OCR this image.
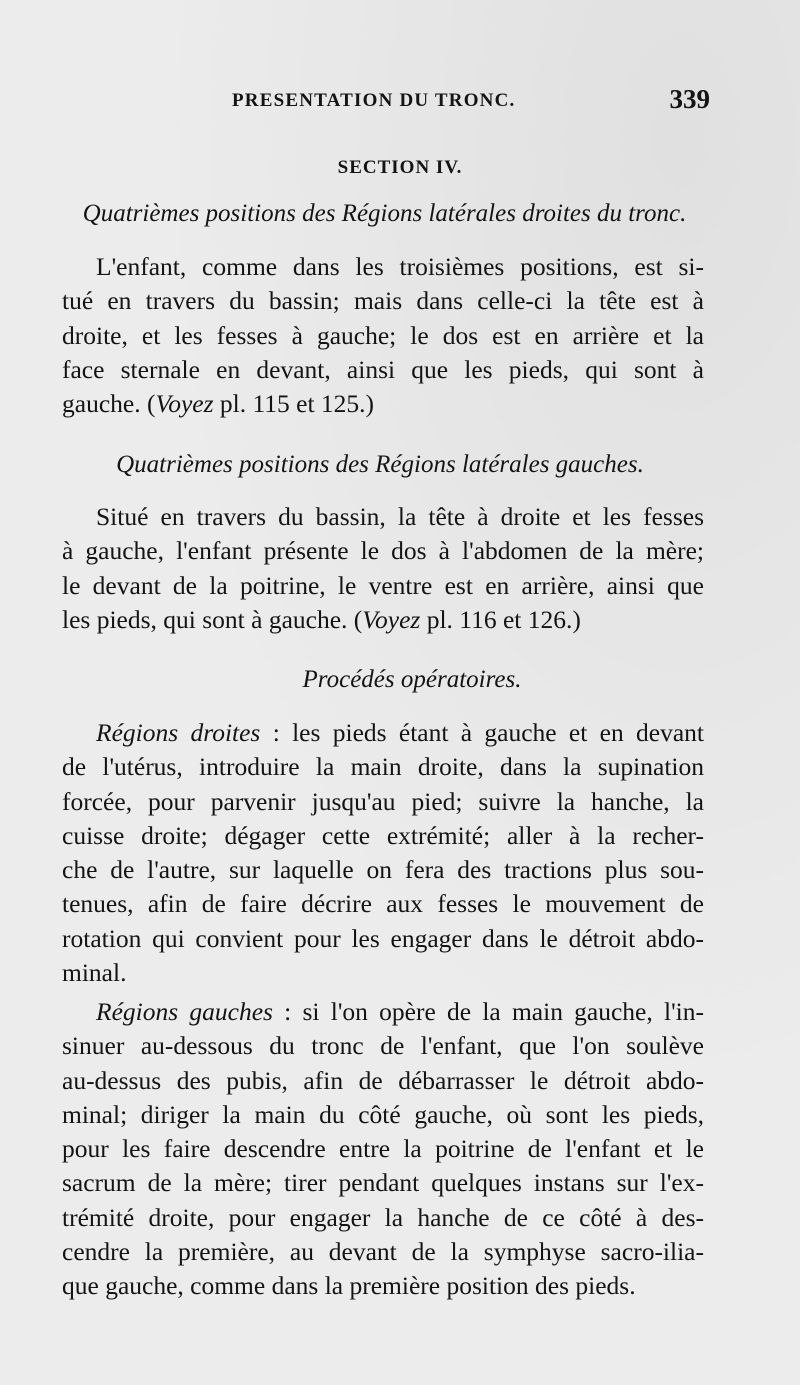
PRESENTATION DU TRONC.	339
SECTION IV.
Quatrièmes positions des Régions latérales droites du tronc.
L'enfant, comme dans les troisièmes positions, est si-
tué en travers du bassin; mais dans celle-ci la tête est à
droite, et les fesses à gauche; le dos est en arrière et la
face sternale en devant, ainsi que les pieds, qui sont à
gauche. (Voyez pl. 115 et 125.)
Quatrièmes positions des Régions latérales gauches.
Situé en travers du bassin, la tête à droite et les fesses
à gauche, l'enfant présente le dos à l'abdomen de la mère;
le devant de la poitrine, le ventre est en arrière, ainsi que
les pieds, qui sont à gauche. (Voyez pl. 116 et 126.)
Procédés opératoires.
Régions droites : les pieds étant à gauche et en devant
de l'utérus, introduire la main droite, dans la supination
forcée, pour parvenir jusqu'au pied; suivre la hanche, la
cuisse droite; dégager cette extrémité; aller à la recher-
che de l'autre, sur laquelle on fera des tractions plus sou-
tenues, afin de faire décrire aux fesses le mouvement de
rotation qui convient pour les engager dans le détroit abdo-
minal.
Régions gauches : si l'on opère de la main gauche, l'in-
sinuer au-dessous du tronc de l'enfant, que l'on soulève
au-dessus des pubis, afin de débarrasser le détroit abdo-
minal; diriger la main du côté gauche, où sont les pieds,
pour les faire descendre entre la poitrine de l'enfant et le
sacrum de la mère; tirer pendant quelques instans sur l'ex-
trémité droite, pour engager la hanche de ce côté à des-
cendre la première, au devant de la symphyse sacro-ilia-
que gauche, comme dans la première position des pieds.
